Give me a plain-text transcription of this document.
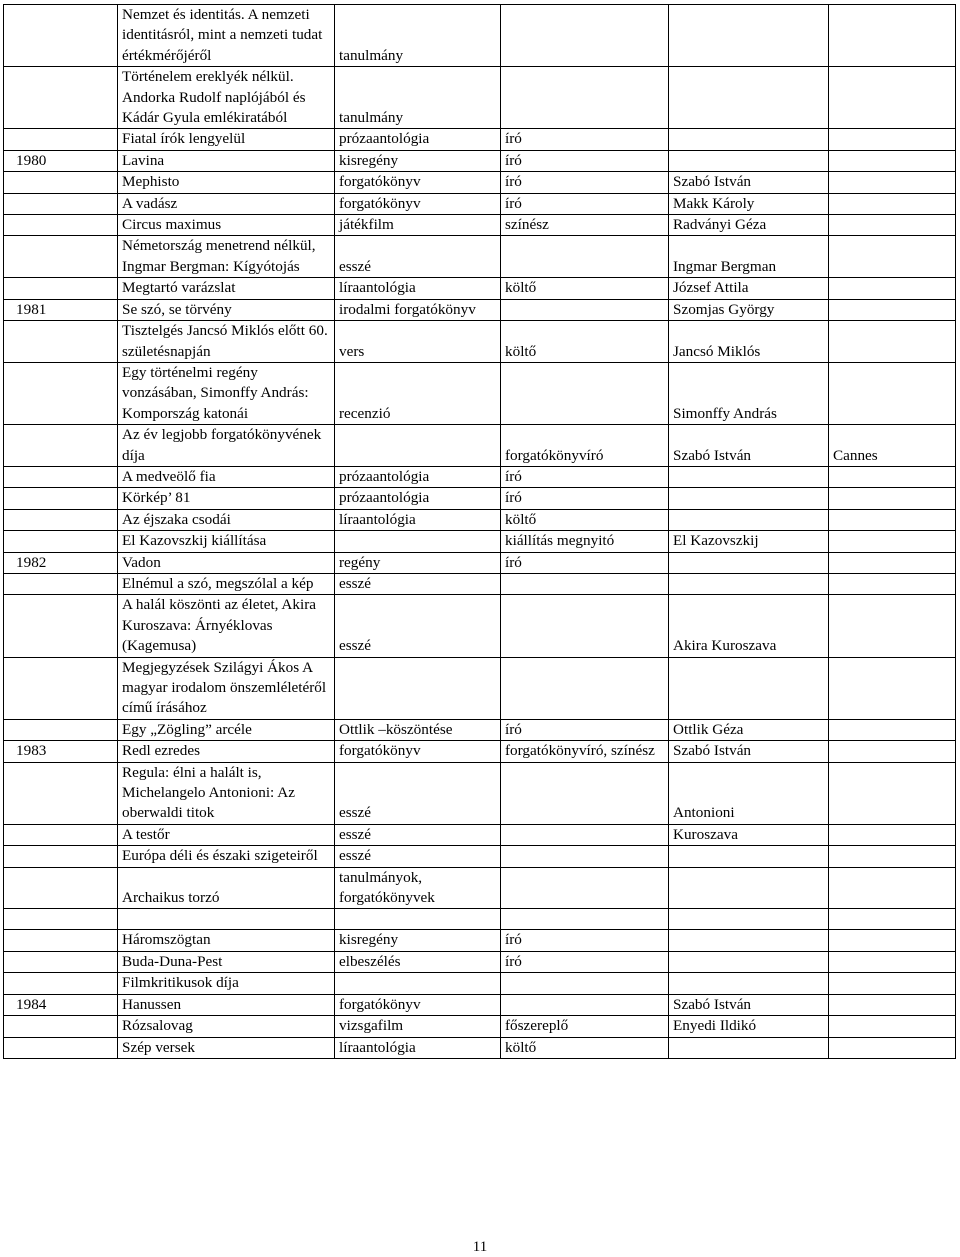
	Nemzet és identitás. A nemzeti identitásról, mint a nemzeti tudat értékmérőjéről	tanulmány			
	Történelem ereklyék nélkül. Andorka Rudolf naplójából és Kádár Gyula emlékiratából	tanulmány			
	Fiatal írók lengyelül	prózaantológia	író		
1980	Lavina	kisregény	író		
	Mephisto	forgatókönyv	író	Szabó István	
	A vadász	forgatókönyv	író	Makk Károly	
	Circus maximus	játékfilm	színész	Radványi Géza	
	Németország menetrend nélkül, Ingmar Bergman: Kígyótojás	esszé		Ingmar Bergman	
	Megtartó varázslat	líraantológia	költő	József Attila	
1981	Se szó, se törvény	irodalmi forgatókönyv		Szomjas György	
	Tisztelgés Jancsó Miklós előtt 60. születésnapján	vers	költő	Jancsó Miklós	
	Egy történelmi regény vonzásában, Simonffy András: Kompország katonái	recenzió		Simonffy András	
	Az év legjobb forgatókönyvének díja		forgatókönyvíró	Szabó István	Cannes
	A medveölő fia	prózaantológia	író		
	Körkép’ 81	prózaantológia	író		
	Az éjszaka csodái	líraantológia	költő		
	El Kazovszkij kiállítása		kiállítás megnyitó	El Kazovszkij	
1982	Vadon	regény	író		
	Elnémul a szó, megszólal a kép	esszé			
	A halál köszönti az életet, Akira Kuroszava: Árnyéklovas (Kagemusa)	esszé		Akira Kuroszava	
	Megjegyzések Szilágyi Ákos A magyar irodalom önszemléletéről című írásához				
	Egy „Zögling” arcéle	Ottlik –köszöntése	író	Ottlik Géza	
1983	Redl ezredes	forgatókönyv	forgatókönyvíró, színész	Szabó István	
	Regula: élni a halált is, Michelangelo Antonioni: Az oberwaldi titok	esszé		Antonioni	
	A testőr	esszé		Kuroszava	
	Európa déli és északi szigeteiről	esszé			
	Archaikus torzó	tanulmányok, forgatókönyvek			

	Háromszögtan	kisregény	író		
	Buda-Duna-Pest	elbeszélés	író		
	Filmkritikusok díja				
1984	Hanussen	forgatókönyv		Szabó István	
	Rózsalovag	vizsgafilm	főszereplő	Enyedi Ildikó	
	Szép versek	líraantológia	költő		
11
